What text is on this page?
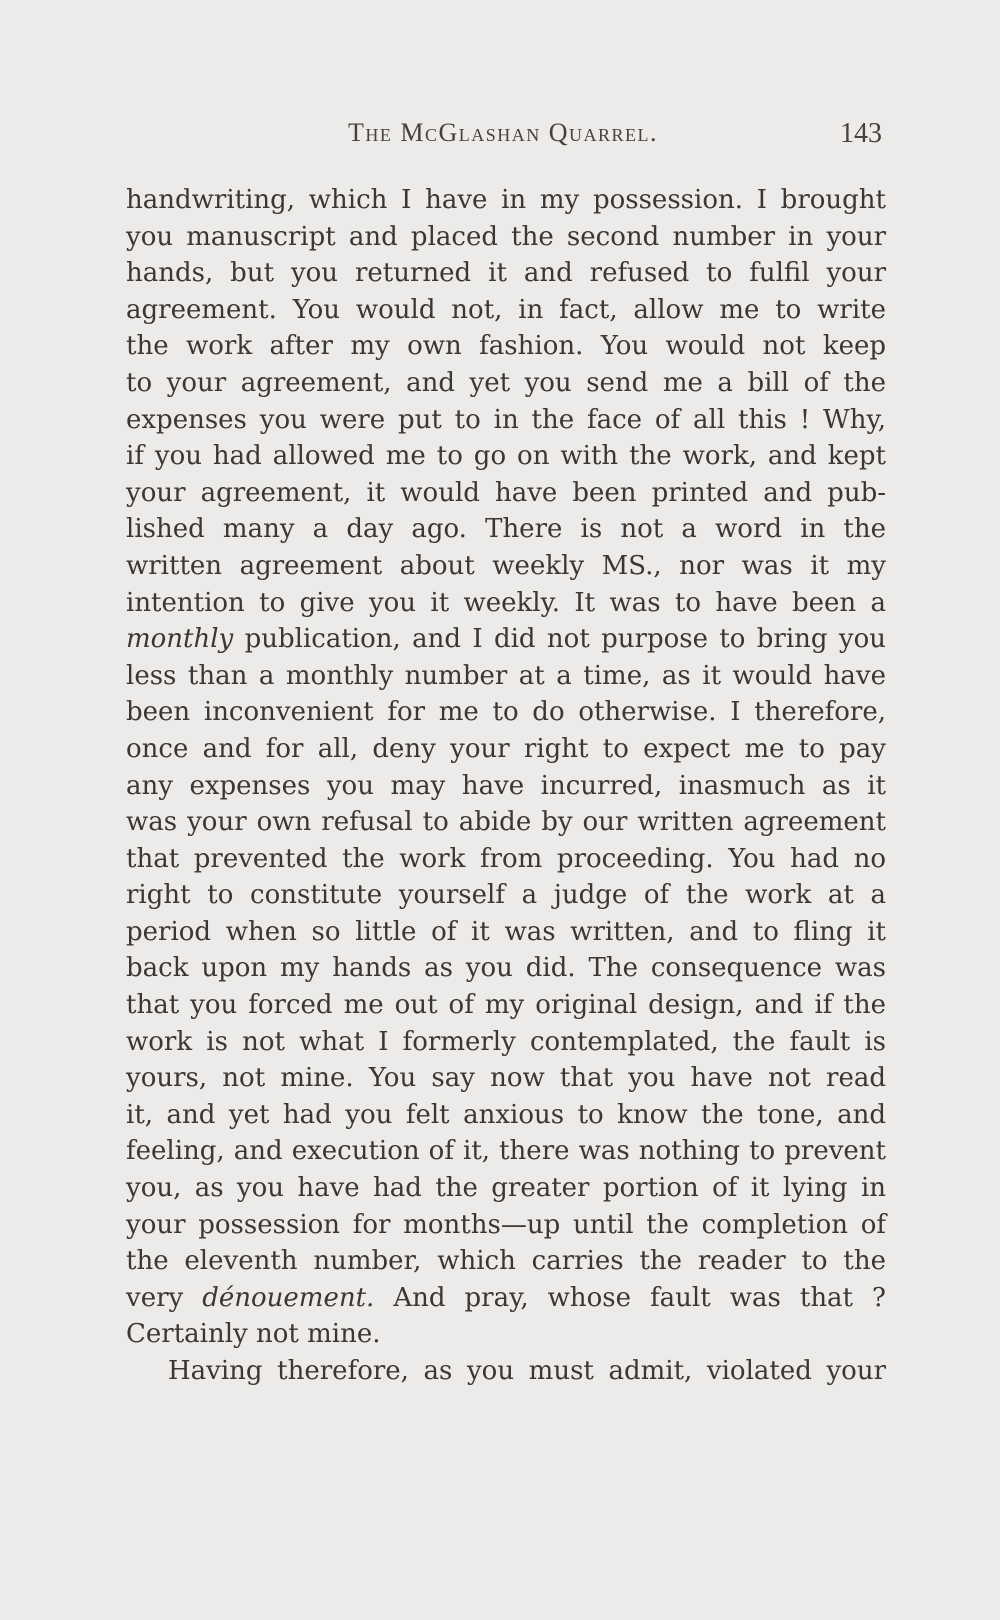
The McGlashan Quarrel.	143
handwriting, which I have in my possession. I brought
you manuscript and placed the second number in your
hands, but you returned it and refused to fulfil your
agreement. You would not, in fact, allow me to write
the work after my own fashion. You would not keep
to your agreement, and yet you send me a bill of the
expenses you were put to in the face of all this ! Why,
if you had allowed me to go on with the work, and kept
your agreement, it would have been printed and pub-
lished many a day ago. There is not a word in the
written agreement about weekly MS., nor was it my
intention to give you it weekly. It was to have been a
monthly publication, and I did not purpose to bring you
less than a monthly number at a time, as it would have
been inconvenient for me to do otherwise. I therefore,
once and for all, deny your right to expect me to pay
any expenses you may have incurred, inasmuch as it
was your own refusal to abide by our written agreement
that prevented the work from proceeding. You had no
right to constitute yourself a judge of the work at a
period when so little of it was written, and to fling it
back upon my hands as you did. The consequence was
that you forced me out of my original design, and if the
work is not what I formerly contemplated, the fault is
yours, not mine. You say now that you have not read
it, and yet had you felt anxious to know the tone, and
feeling, and execution of it, there was nothing to prevent
you, as you have had the greater portion of it lying in
your possession for months—up until the completion of
the eleventh number, which carries the reader to the
very dénouement. And pray, whose fault was that ?
Certainly not mine.
Having therefore, as you must admit, violated your
